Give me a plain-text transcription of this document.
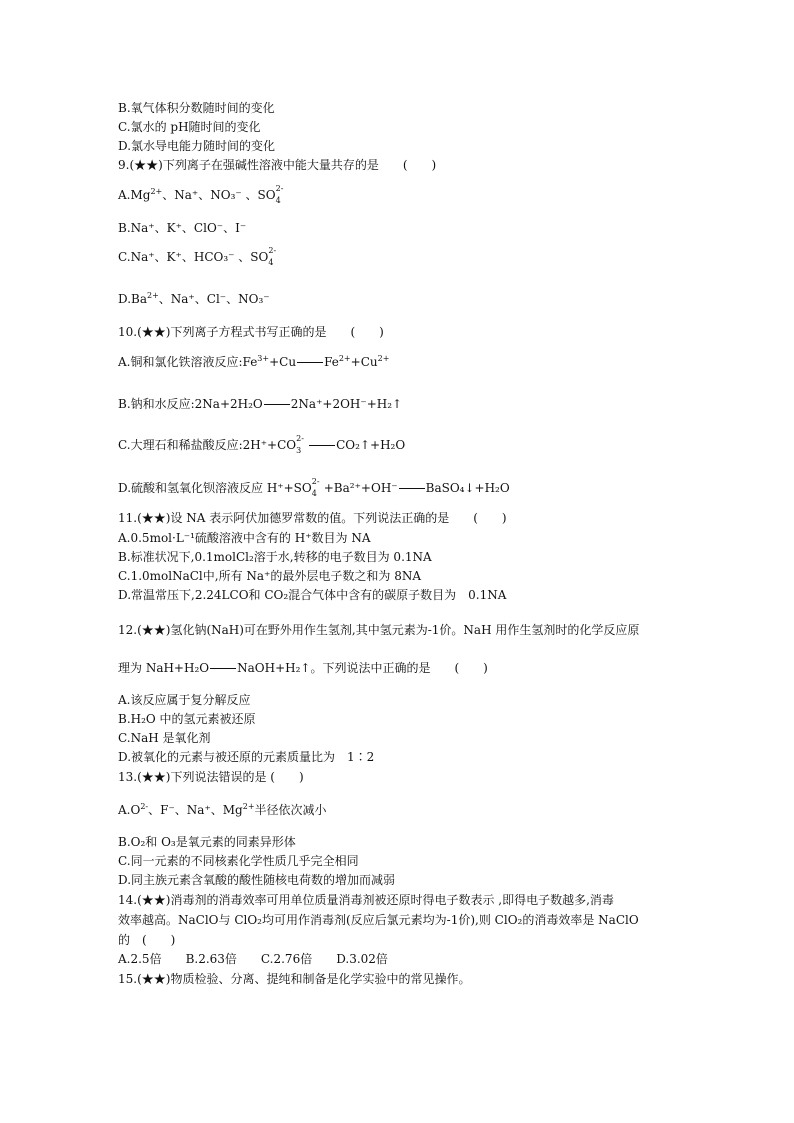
B.氧气体积分数随时间的变化
C.氯水的 pH随时间的变化
D.氯水导电能力随时间的变化
9.(★★)下列离子在强碱性溶液中能大量共存的是　　(　　)
$A.Mg^{2+}$、Na⁺、NO₃⁻ 、SO 2-
4
B.Na⁺、K⁺、ClO⁻、I⁻
C.Na⁺、K⁺、HCO₃⁻ 、SO 2-
4
$D.Ba^{2+}$、Na⁺、Cl⁻、NO₃⁻
10.(★★)下列离子方程式书写正确的是　　(　　)
A.铜和氯化铁溶液反应$:Fe^{3+}+Cu$ $Fe^{2+}+Cu^{2+}$
B.钠和水反应:2Na+2H₂O 2Na⁺+2OH⁻+H₂↑
C.大理石和稀盐酸反应:2H⁺+CO 2-
3	CO₂↑+H₂O
D.硫酸和氢氧化钡溶液反应 H⁺+SO 2-
4 +Ba²⁺+OH⁻ BaSO₄↓+H₂O
11.(★★)设 NA 表示阿伏加德罗常数的值。下列说法正确的是　　(　　)
A.0.5mol·L⁻¹硫酸溶液中含有的 H⁺数目为 NA
B.标准状况下,0.1molCl₂溶于水,转移的电子数目为 0.1NA
C.1.0molNaCl中,所有 Na⁺的最外层电子数之和为 8NA
D.常温常压下,2.24LCO和 CO₂混合气体中含有的碳原子数目为　0.1NA
12.(★★)氢化钠(NaH)可在野外用作生氢剂,其中氢元素为-1价。NaH 用作生氢剂时的化学反应原
理为 NaH+H₂O NaOH+H₂↑。下列说法中正确的是　　(　　)
A.该反应属于复分解反应
B.H₂O 中的氢元素被还原
C.NaH 是氧化剂
D.被氧化的元素与被还原的元素质量比为　1∶2
13.(★★)下列说法错误的是 (　　)
$A.O^{2-}$、F⁻、Na⁺、$Mg^{2+}$半径依次减小
B.O₂和 O₃是氧元素的同素异形体
C.同一元素的不同核素化学性质几乎完全相同
D.同主族元素含氧酸的酸性随核电荷数的增加而减弱
14.(★★)消毒剂的消毒效率可用单位质量消毒剂被还原时得电子数表示 ,即得电子数越多,消毒
效率越高。NaClO与 ClO₂均可用作消毒剂(反应后氯元素均为-1价),则 ClO₂的消毒效率是 NaClO
的　(　　)
A.2.5倍　　B.2.63倍　　C.2.76倍　　D.3.02倍
15.(★★)物质检验、分离、提纯和制备是化学实验中的常见操作。
